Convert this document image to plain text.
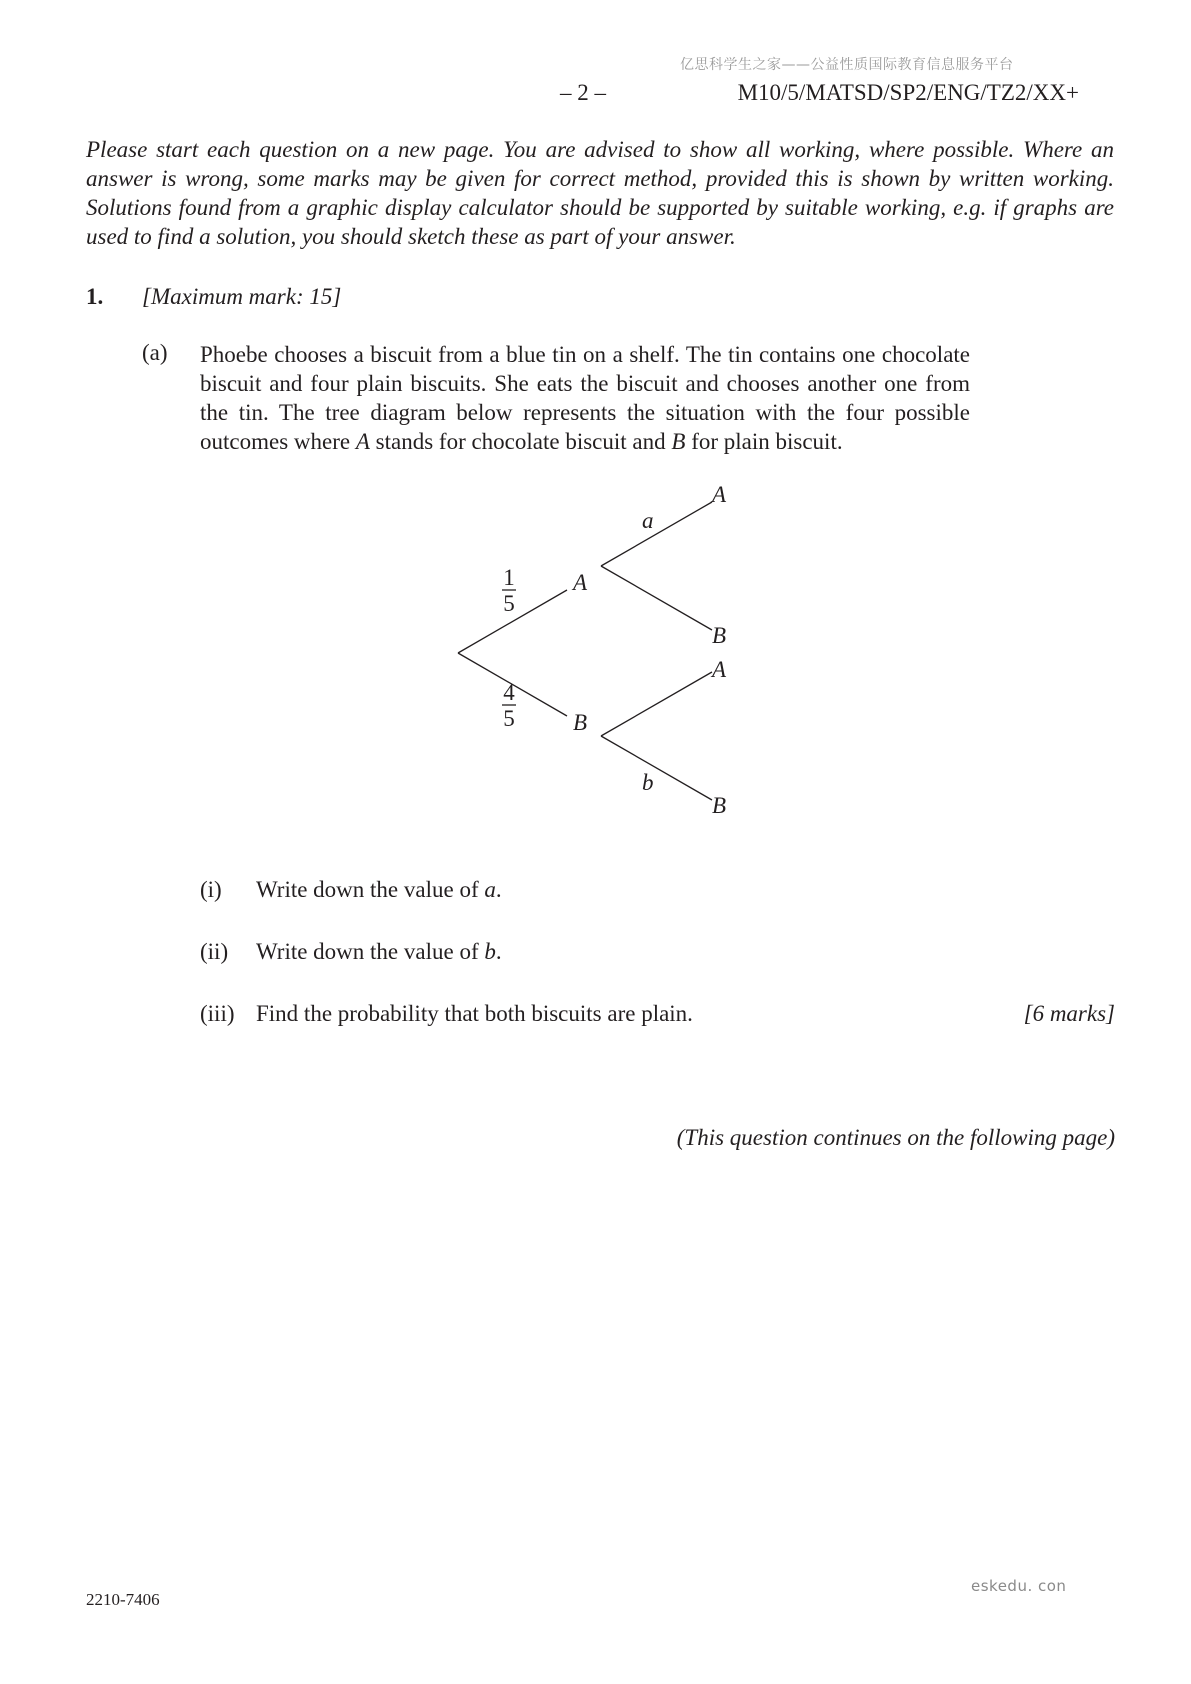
亿思科学生之家——公益性质国际教育信息服务平台
– 2 –	M10/5/MATSD/SP2/ENG/TZ2/XX+
Please start each question on a new page. You are advised to show all working, where possible. Where an answer is wrong, some marks may be given for correct method, provided this is shown by written working. Solutions found from a graphic display calculator should be supported by suitable working, e.g. if graphs are used to find a solution, you should sketch these as part of your answer.
1. [Maximum mark: 15]
(a) Phoebe chooses a biscuit from a blue tin on a shelf. The tin contains one chocolate biscuit and four plain biscuits. She eats the biscuit and chooses another one from the tin. The tree diagram below represents the situation with the four possible outcomes where A stands for chocolate biscuit and B for plain biscuit.
1
5
4
5
A
B
a
b
A
B
A
B
(i) Write down the value of a.
(ii) Write down the value of b.
(iii) Find the probability that both biscuits are plain.	[6 marks]
(This question continues on the following page)
2210-7406
eskedu. con
